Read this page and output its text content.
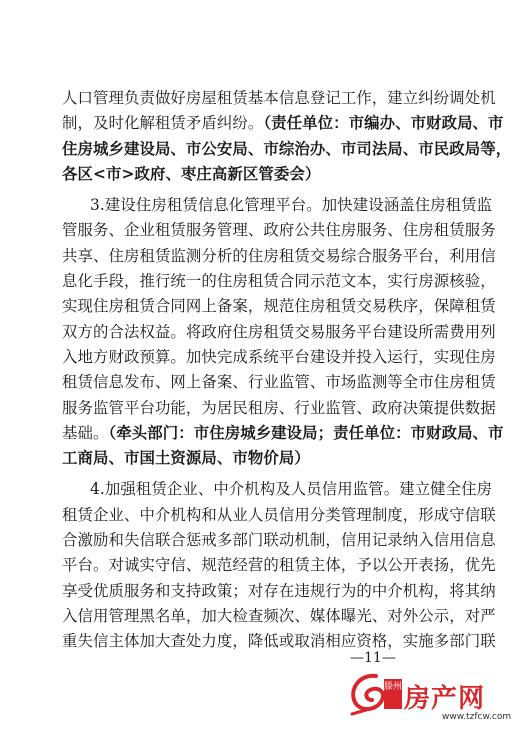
人口管理负责做好房屋租赁基本信息登记工作，建立纠纷调处机
制，及时化解租赁矛盾纠纷。（责任单位：市编办、市财政局、市
住房城乡建设局、市公安局、市综治办、市司法局、市民政局等，
各区<市>政府、枣庄高新区管委会）
3.建设住房租赁信息化管理平台。加快建设涵盖住房租赁监
管服务、企业租赁服务管理、政府公共住房服务、住房租赁服务
共享、住房租赁监测分析的住房租赁交易综合服务平台，利用信
息化手段，推行统一的住房租赁合同示范文本，实行房源核验，
实现住房租赁合同网上备案，规范住房租赁交易秩序，保障租赁
双方的合法权益。将政府住房租赁交易服务平台建设所需费用列
入地方财政预算。加快完成系统平台建设并投入运行，实现住房
租赁信息发布、网上备案、行业监管、市场监测等全市住房租赁
服务监管平台功能，为居民租房、行业监管、政府决策提供数据
基础。（牵头部门：市住房城乡建设局；责任单位：市财政局、市
工商局、市国土资源局、市物价局）
4.加强租赁企业、中介机构及人员信用监管。建立健全住房
租赁企业、中介机构和从业人员信用分类管理制度，形成守信联
合激励和失信联合惩戒多部门联动机制，信用记录纳入信用信息
平台。对诚实守信、规范经营的租赁主体，予以公开表扬，优先
享受优质服务和支持政策；对存在违规行为的中介机构，将其纳
入信用管理黑名单，加大检查频次、媒体曝光、对外公示，对严
重失信主体加大查处力度，降低或取消相应资格，实施多部门联
—11—
滕州 房产网
www.tzfcw.com
